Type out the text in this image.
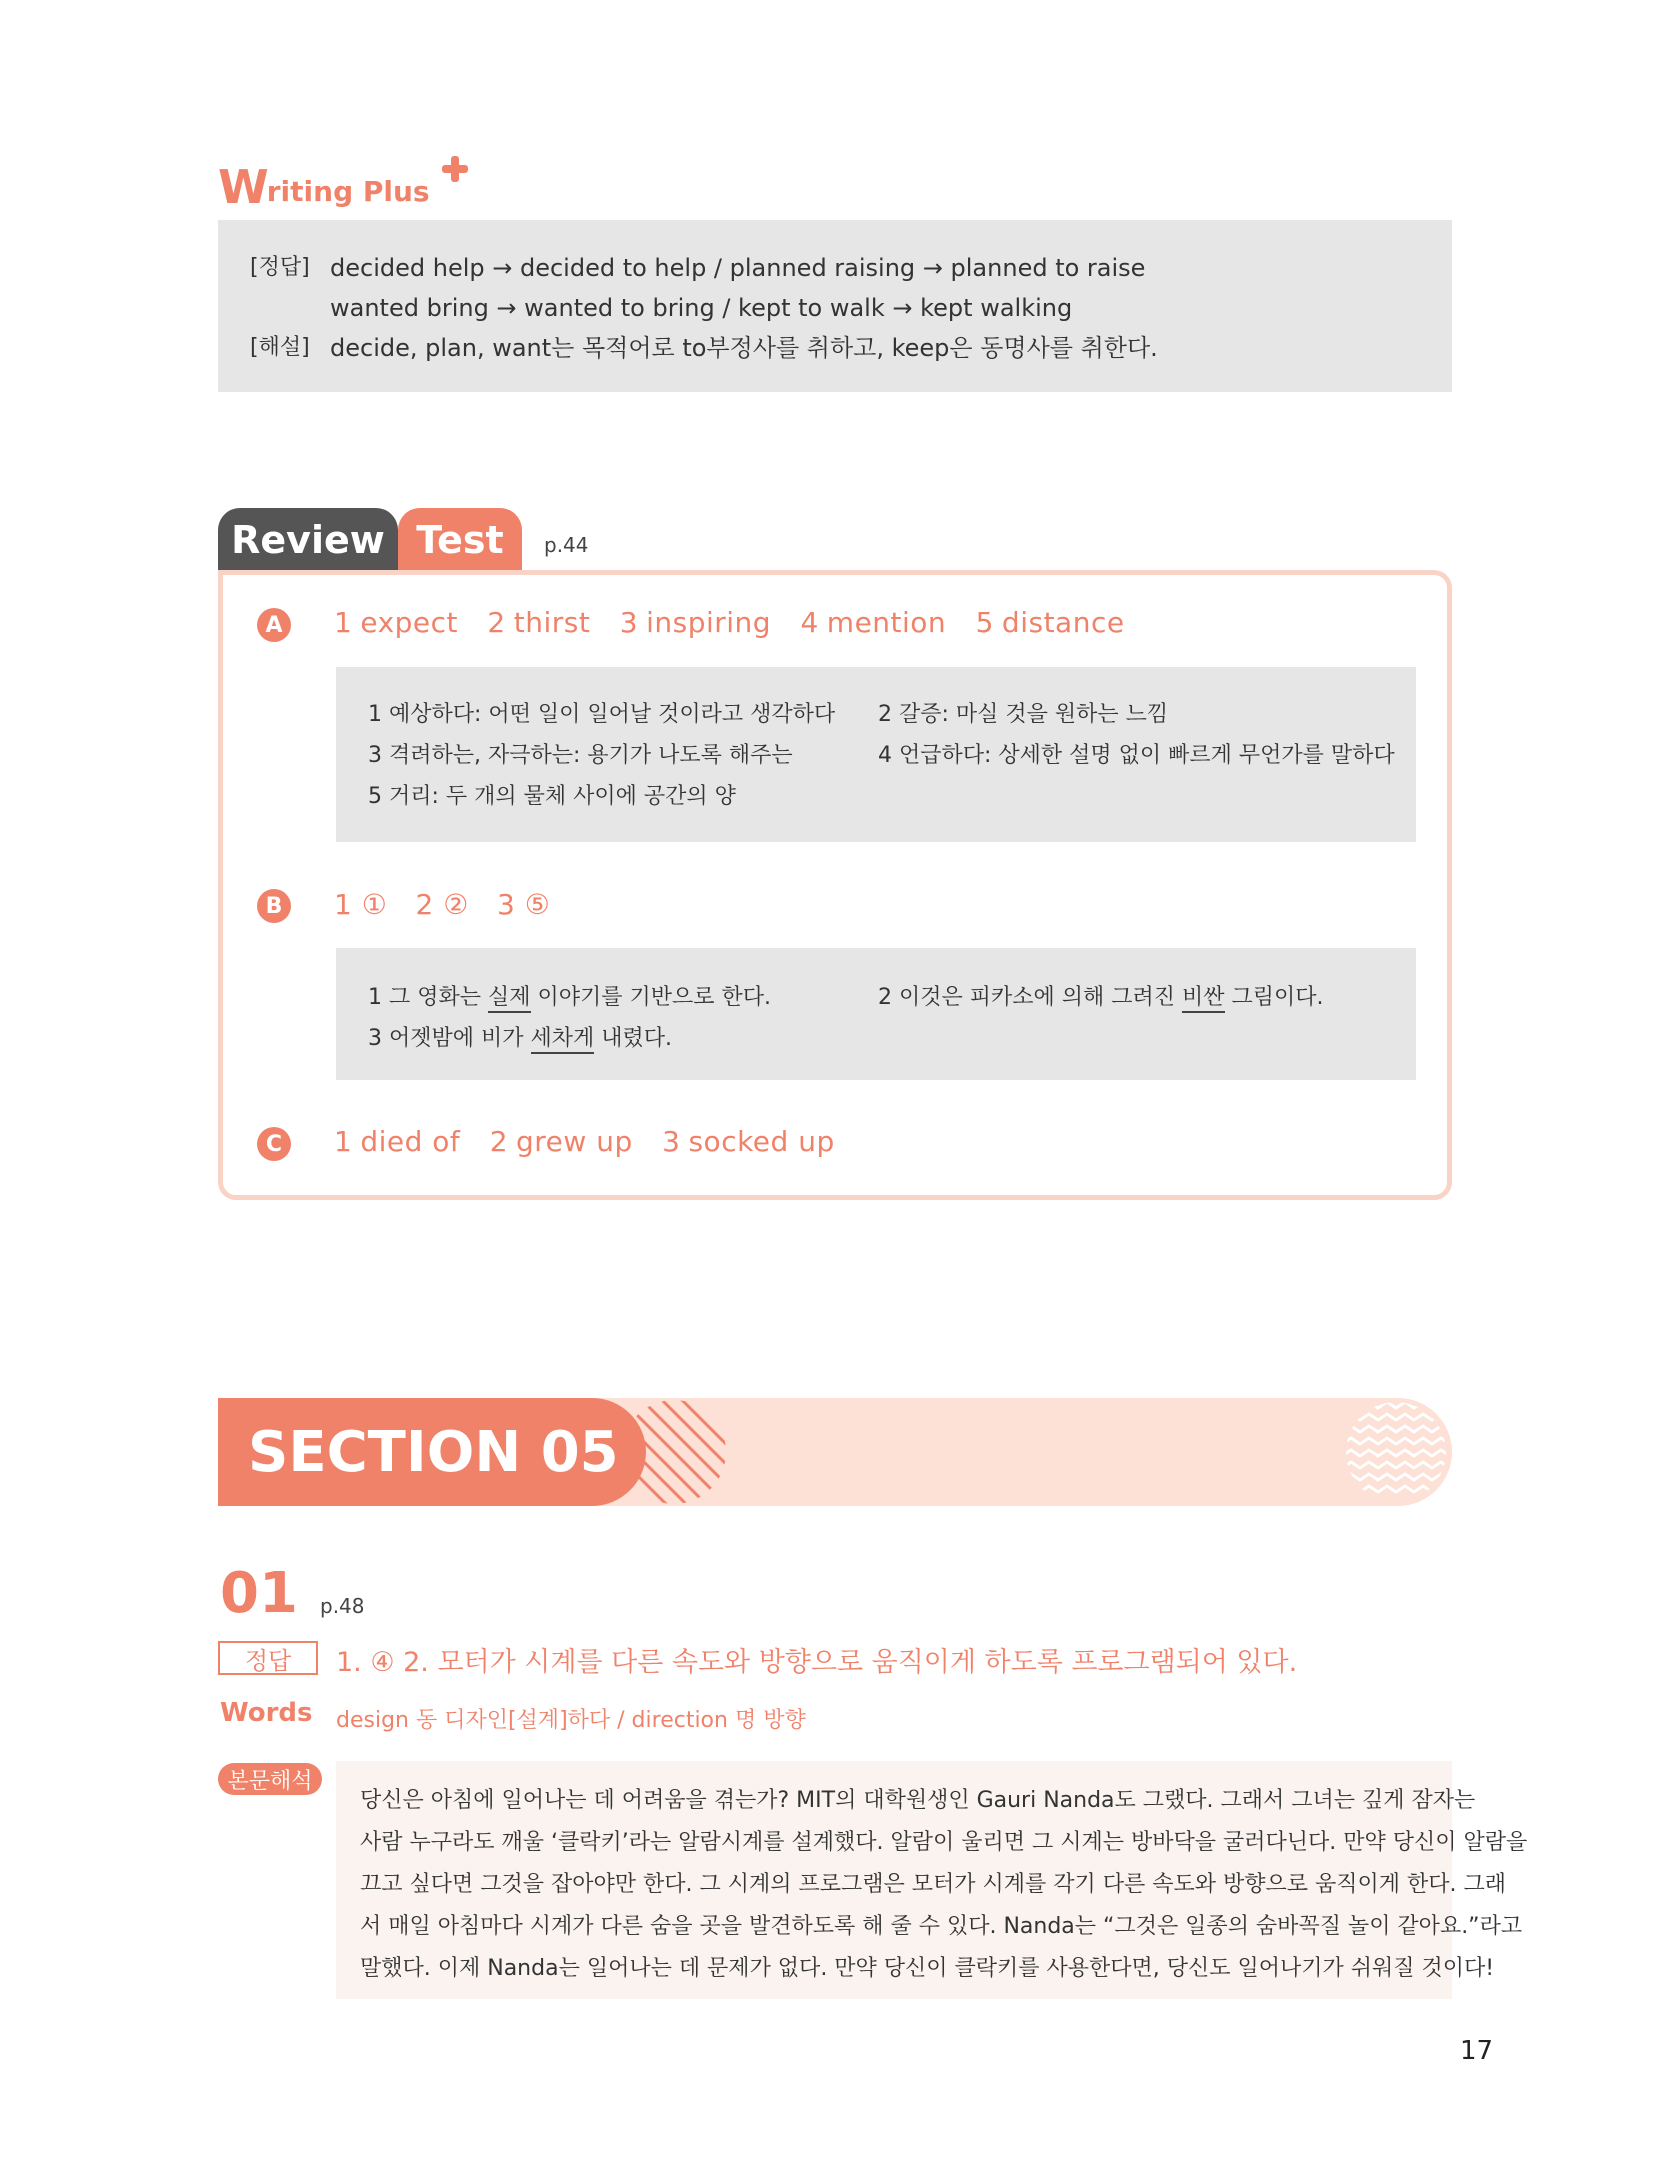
W riting Plus
[정답] decided help → decided to help / planned raising → planned to raise
wanted bring → wanted to bring / kept to walk → kept walking
[해설] decide, plan, want는 목적어로 to부정사를 취하고, keep은 동명사를 취한다.
Review Test	p.44
A	1 expect 2 thirst 3 inspiring 4 mention 5 distance
1 예상하다: 어떤 일이 일어날 것이라고 생각하다 2 갈증: 마실 것을 원하는 느낌
3 격려하는, 자극하는: 용기가 나도록 해주는	4 언급하다: 상세한 설명 없이 빠르게 무언가를 말하다
5 거리: 두 개의 물체 사이에 공간의 양
B	1 ①   2 ②   3 ⑤
1 그 영화는 실제 이야기를 기반으로 한다.	2 이것은 피카소에 의해 그려진 비싼 그림이다.
3 어젯밤에 비가 세차게 내렸다.
C	1 died of 2 grew up 3 socked up
SECTION 05
01 p.48
정답	1. ④ 2. 모터가 시계를 다른 속도와 방향으로 움직이게 하도록 프로그램되어 있다.
Words design 동 디자인[설계]하다 / direction 명 방향
본문해석

당신은 아침에 일어나는 데 어려움을 겪는가? MIT의 대학원생인 Gauri Nanda도 그랬다. 그래서 그녀는 깊게 잠자는

사람 누구라도 깨울 ‘클락키’라는 알람시계를 설계했다. 알람이 울리면 그 시계는 방바닥을 굴러다닌다. 만약 당신이 알람을

끄고 싶다면 그것을 잡아야만 한다. 그 시계의 프로그램은 모터가 시계를 각기 다른 속도와 방향으로 움직이게 한다. 그래

서 매일 아침마다 시계가 다른 숨을 곳을 발견하도록 해 줄 수 있다. Nanda는 “그것은 일종의 숨바꼭질 놀이 같아요.”라고

말했다. 이제 Nanda는 일어나는 데 문제가 없다. 만약 당신이 클락키를 사용한다면, 당신도 일어나기가 쉬워질 것이다!

17
